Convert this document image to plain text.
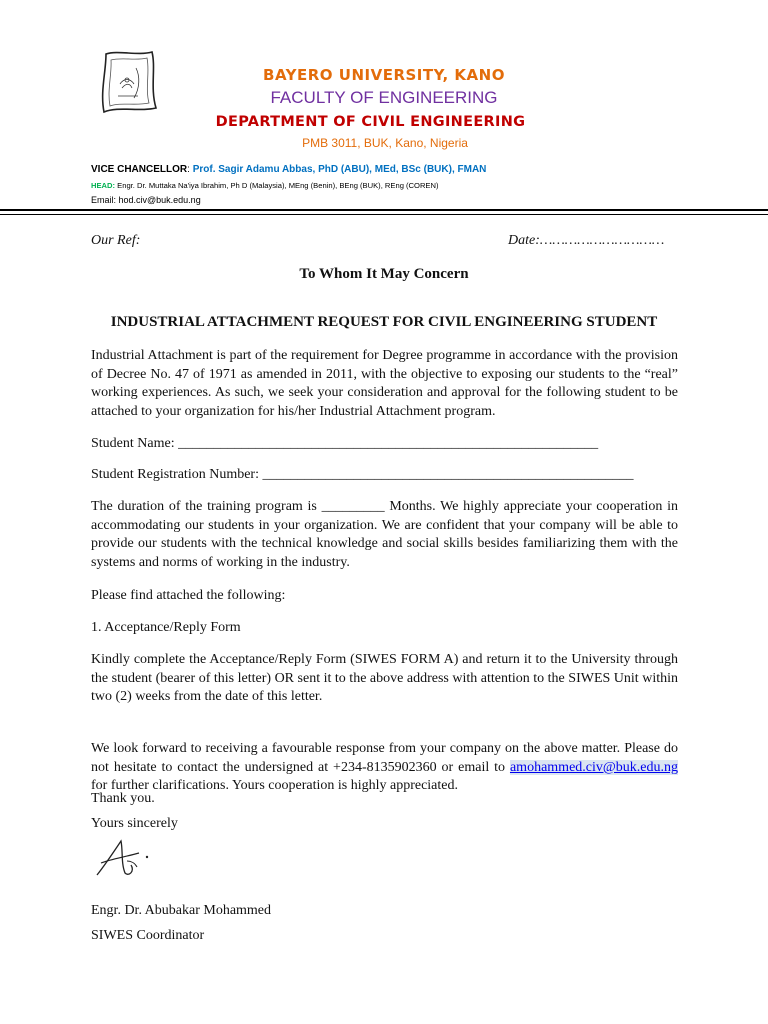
BAYERO UNIVERSITY, KANO
FACULTY OF ENGINEERING
DEPARTMENT OF CIVIL ENGINEERING
PMB 3011, BUK, Kano, Nigeria
VICE CHANCELLOR: Prof. Sagir Adamu Abbas, PhD (ABU), MEd, BSc (BUK), FMAN
HEAD: Engr. Dr. Muttaka Na'iya Ibrahim, Ph D (Malaysia), MEng (Benin), BEng (BUK), REng (COREN)
Email: hod.civ@buk.edu.ng
Our Ref:	Date:…………………………
To Whom It May Concern
INDUSTRIAL ATTACHMENT REQUEST FOR CIVIL ENGINEERING STUDENT
Industrial Attachment is part of the requirement for Degree programme in accordance with the provision of Decree No. 47 of 1971 as amended in 2011, with the objective to exposing our students to the “real” working experiences. As such, we seek your consideration and approval for the following student to be attached to your organization for his/her Industrial Attachment program.
Student Name: ____________________________________________________________
Student Registration Number: _____________________________________________________
The duration of the training program is _________ Months. We highly appreciate your cooperation in accommodating our students in your organization. We are confident that your company will be able to provide our students with the technical knowledge and social skills besides familiarizing them with the systems and norms of working in the industry.
Please find attached the following:
1. Acceptance/Reply Form
Kindly complete the Acceptance/Reply Form (SIWES FORM A) and return it to the University through the student (bearer of this letter) OR sent it to the above address with attention to the SIWES Unit within two (2) weeks from the date of this letter.
We look forward to receiving a favourable response from your company on the above matter. Please do not hesitate to contact the undersigned at +234-8135902360 or email to amohammed.civ@buk.edu.ng for further clarifications. Yours cooperation is highly appreciated.
Thank you.
Yours sincerely
Engr. Dr. Abubakar Mohammed
SIWES Coordinator
